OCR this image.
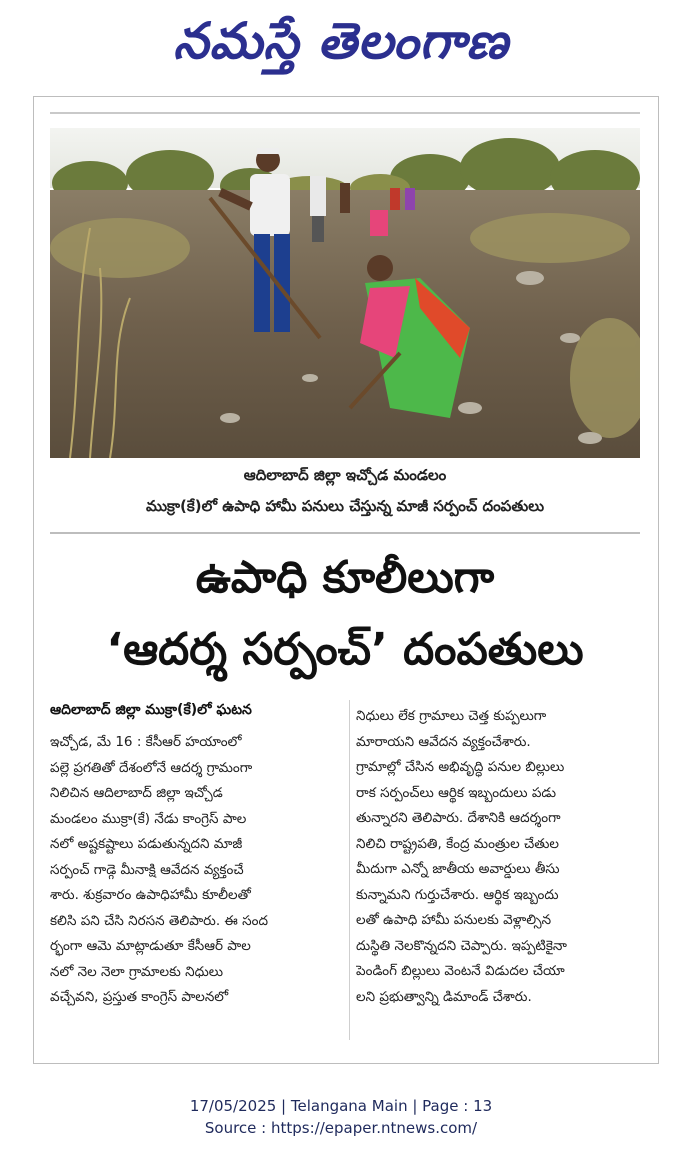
నమస్తే తెలంగాణ
ఆదిలాబాద్ జిల్లా ఇచ్చోడ మండలం
ముక్రా(కే)లో ఉపాధి హామీ పనులు చేస్తున్న మాజీ సర్పంచ్ దంపతులు
ఉపాధి కూలీలుగా
‘ఆదర్శ సర్పంచ్’ దంపతులు
ఆదిలాబాద్ జిల్లా ముక్రా(కే)లో ఘటన
ఇచ్చోడ, మే 16 : కేసీఆర్ హయాంలో
పల్లె ప్రగతితో దేశంలోనే ఆదర్శ గ్రామంగా
నిలిచిన ఆదిలాబాద్ జిల్లా ఇచ్చోడ
మండలం ముక్రా(కే) నేడు కాంగ్రెస్ పాల
నలో అష్టకష్టాలు పడుతున్నదని మాజీ
సర్పంచ్ గాడ్గె మీనాక్షి ఆవేదన వ్యక్తంచే
శారు. శుక్రవారం ఉపాధిహామీ కూలీలతో
కలిసి పని చేసి నిరసన తెలిపారు. ఈ సంద
ర్భంగా ఆమె మాట్లాడుతూ కేసీఆర్ పాల
నలో నెల నెలా గ్రామాలకు నిధులు
వచ్చేవని, ప్రస్తుత కాంగ్రెస్ పాలనలో
నిధులు లేక గ్రామాలు చెత్త కుప్పలుగా
మారాయని ఆవేదన వ్యక్తంచేశారు.
గ్రామాల్లో చేసిన అభివృద్ధి పనుల బిల్లులు
రాక సర్పంచ్‌లు ఆర్థిక ఇబ్బందులు పడు
తున్నారని తెలిపారు. దేశానికి ఆదర్శంగా
నిలిచి రాష్ట్రపతి, కేంద్ర మంత్రుల చేతుల
మీదుగా ఎన్నో జాతీయ అవార్డులు తీసు
కున్నామని గుర్తుచేశారు. ఆర్థిక ఇబ్బందు
లతో ఉపాధి హామీ పనులకు వెళ్లాల్సిన
దుస్థితి నెలకొన్నదని చెప్పారు. ఇప్పటికైనా
పెండింగ్ బిల్లులు వెంటనే విడుదల చేయా
లని ప్రభుత్వాన్ని డిమాండ్ చేశారు.
17/05/2025 | Telangana Main | Page : 13
Source : https://epaper.ntnews.com/
